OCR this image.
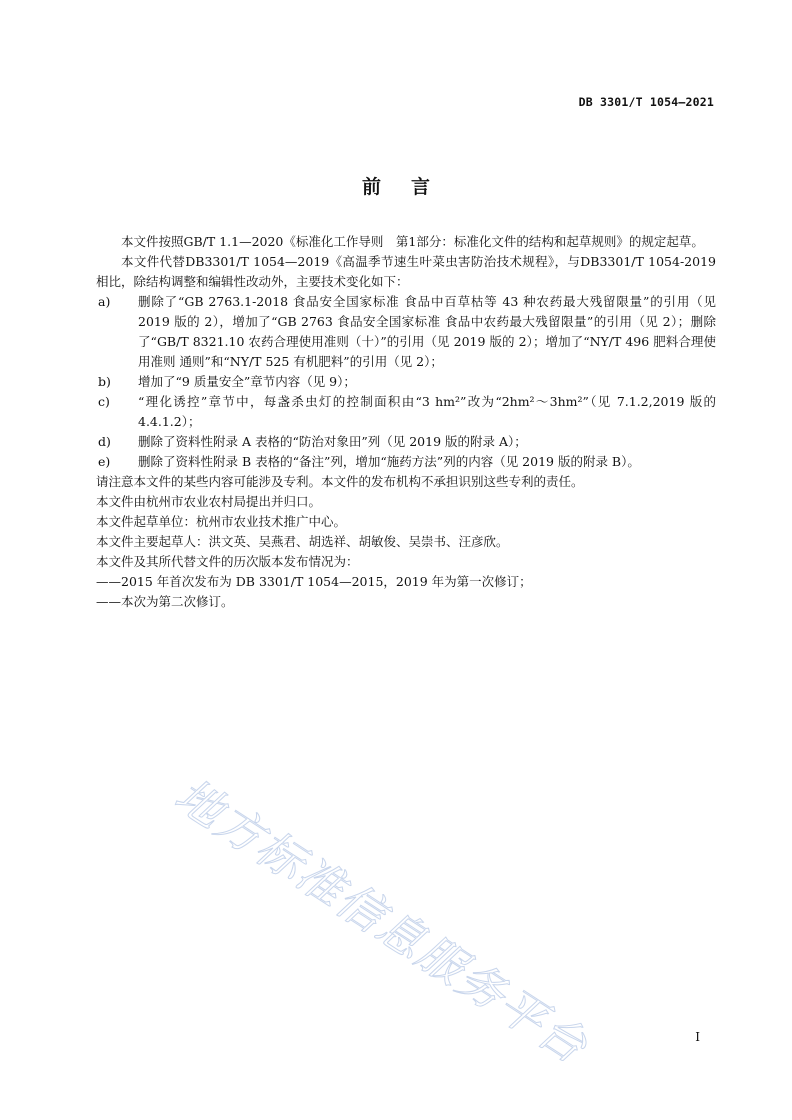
DB 3301/T 1054—2021
前言

本文件按照GB/T 1.1—2020《标准化工作导则　第1部分：标准化文件的结构和起草规则》的规定起草。

本文件代替DB3301/T 1054—2019《高温季节速生叶菜虫害防治技术规程》，与DB3301/T 1054-2019相比，除结构调整和编辑性改动外，主要技术变化如下：

a) 删除了“GB 2763.1-2018 食品安全国家标准 食品中百草枯等 43 种农药最大残留限量”的引用（见 2019 版的 2），增加了“GB 2763 食品安全国家标准 食品中农药最大残留限量”的引用（见 2）；删除了“GB/T 8321.10 农药合理使用准则（十）”的引用（见 2019 版的 2）；增加了“NY/T 496 肥料合理使用准则 通则”和“NY/T 525 有机肥料”的引用（见 2）；

b) 增加了“9 质量安全”章节内容（见 9）；

c) “理化诱控”章节中，每盏杀虫灯的控制面积由“3 hm²”改为“2hm²～3hm²”（见 7.1.2,2019 版的 4.4.1.2）；

d) 删除了资料性附录 A 表格的“防治对象田”列（见 2019 版的附录 A）；

e) 删除了资料性附录 B 表格的“备注”列，增加“施药方法”列的内容（见 2019 版的附录 B）。

请注意本文件的某些内容可能涉及专利。本文件的发布机构不承担识别这些专利的责任。

本文件由杭州市农业农村局提出并归口。

本文件起草单位：杭州市农业技术推广中心。

本文件主要起草人：洪文英、吴燕君、胡选祥、胡敏俊、吴崇书、汪彦欣。

本文件及其所代替文件的历次版本发布情况为：

——2015 年首次发布为 DB 3301/T 1054—2015，2019 年为第一次修订；

——本次为第二次修订。

地方标准信息服务平台	I
